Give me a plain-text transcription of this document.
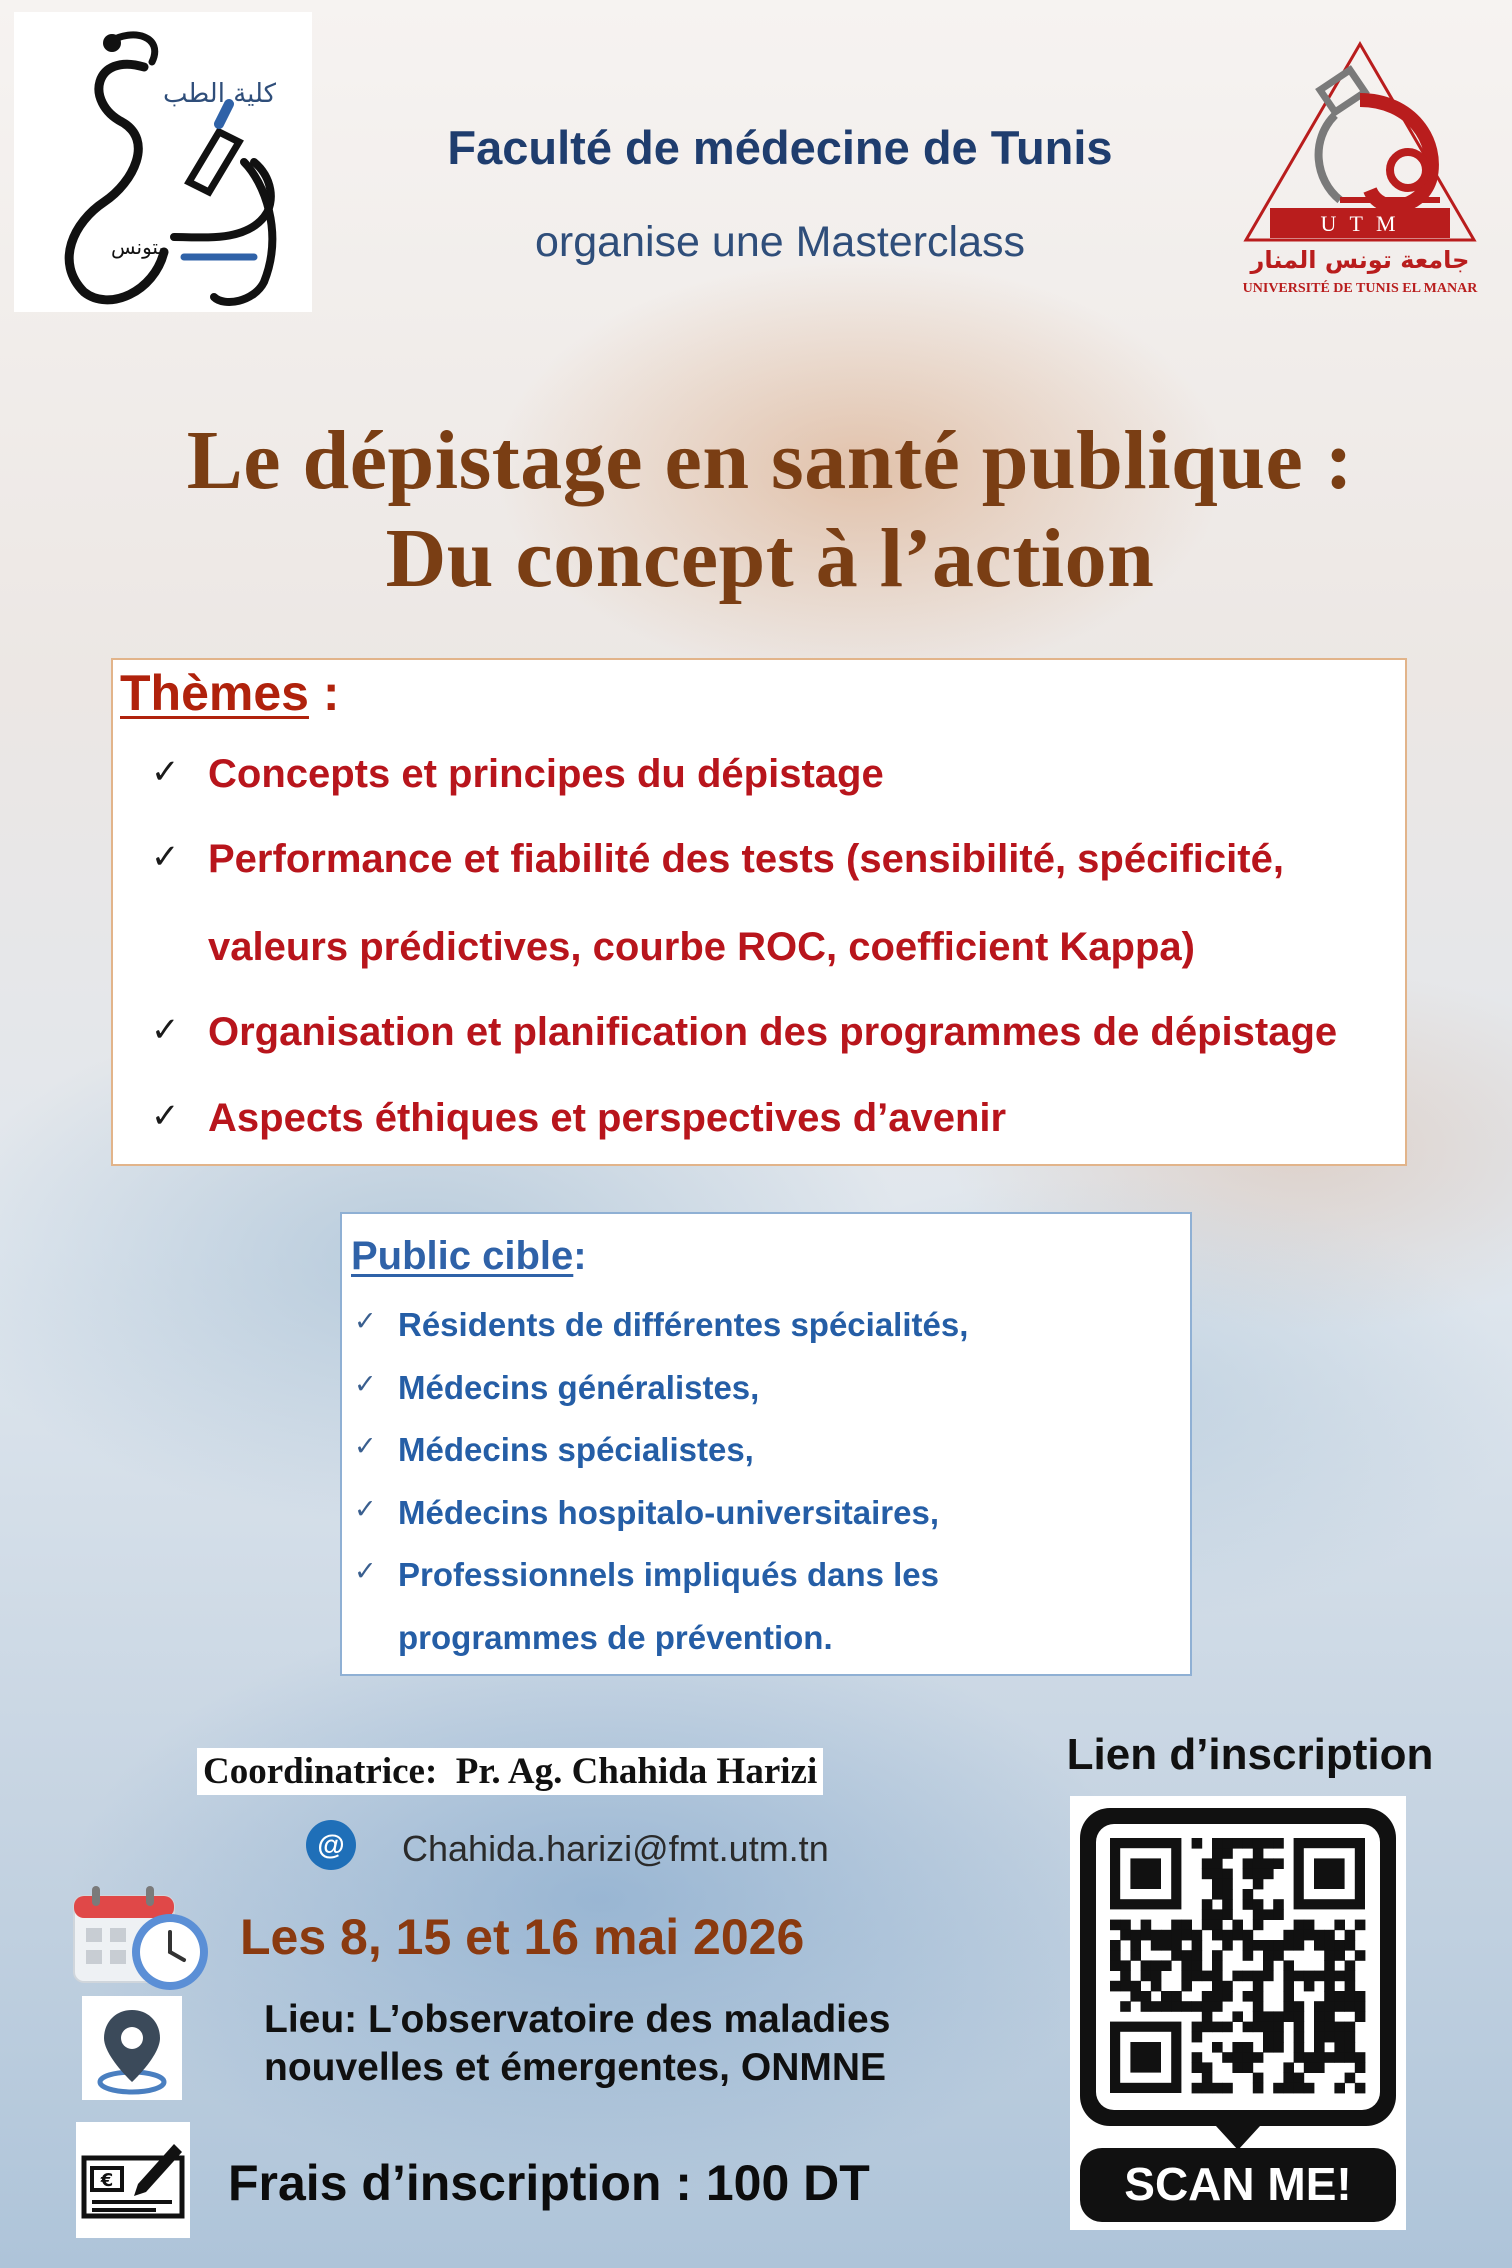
كلية الطب
بتونس
U T M
جامعة تونس المنار
UNIVERSITÉ DE TUNIS EL MANAR
Faculté de médecine de Tunis
organise une Masterclass
Le dépistage en santé publique :
Du concept à l’action
Thèmes :
✓ Concepts et principes du dépistage
✓ Performance et fiabilité des tests (sensibilité, spécificité,
valeurs prédictives, courbe ROC, coefficient Kappa)
✓ Organisation et planification des programmes de dépistage
✓ Aspects éthiques et perspectives d’avenir
Public cible:
✓ Résidents de différentes spécialités,
✓ Médecins généralistes,
✓ Médecins spécialistes,
✓ Médecins hospitalo-universitaires,
✓ Professionnels impliqués dans les
programmes de prévention.
Coordinatrice:  Pr. Ag. Chahida Harizi
@	Chahida.harizi@fmt.utm.tn
Les 8, 15 et 16 mai 2026
Lieu: L’observatoire des maladies
nouvelles et émergentes, ONMNE
€ Frais d’inscription : 100 DT
Lien d’inscription
SCAN ME!
